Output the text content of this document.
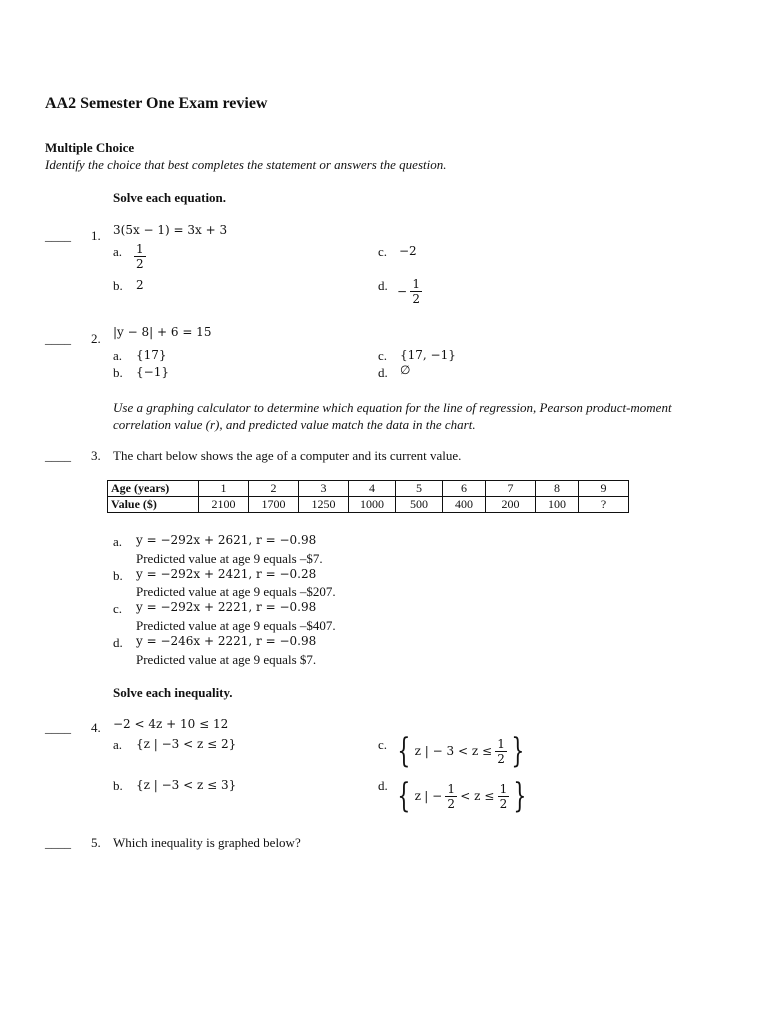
AA2 Semester One Exam review
Multiple Choice
Identify the choice that best completes the statement or answers the question.
Solve each equation.
____ 1. 3(5x − 1) = 3x + 3
a. $\frac{1}{2}$	c. −2
b. 2	d. − $\frac{1}{2}$
____ 2. |y − 8| + 6 = 15
a. {17}	c. {17, −1}
b. {−1}	d. ∅
Use a graphing calculator to determine which equation for the line of regression, Pearson product-moment correlation value (r), and predicted value match the data in the chart.
____ 3. The chart below shows the age of a computer and its current value.
Age (years)	1	2	3	4	5	6	7	8	9
Value ($)	2100	1700	1250	1000	500	400	200	100	?
a. y = −292x + 2621, r = −0.98
Predicted value at age 9 equals –$7.
b. y = −292x + 2421, r = −0.28
Predicted value at age 9 equals –$207.
c. y = −292x + 2221, r = −0.98
Predicted value at age 9 equals –$407.
d. y = −246x + 2221, r = −0.98
Predicted value at age 9 equals $7.
Solve each inequality.
____ 4. −2 < 4z + 10 ≤ 12
a. {z | −3 < z ≤ 2}	c. { z | − $3 < z \le \frac{1}{2}$ }
b. {z | −3 < z ≤ 3}	d. { z | − $\frac{1}{2} < z \le \frac{1}{2}$ }
____ 5. Which inequality is graphed below?
